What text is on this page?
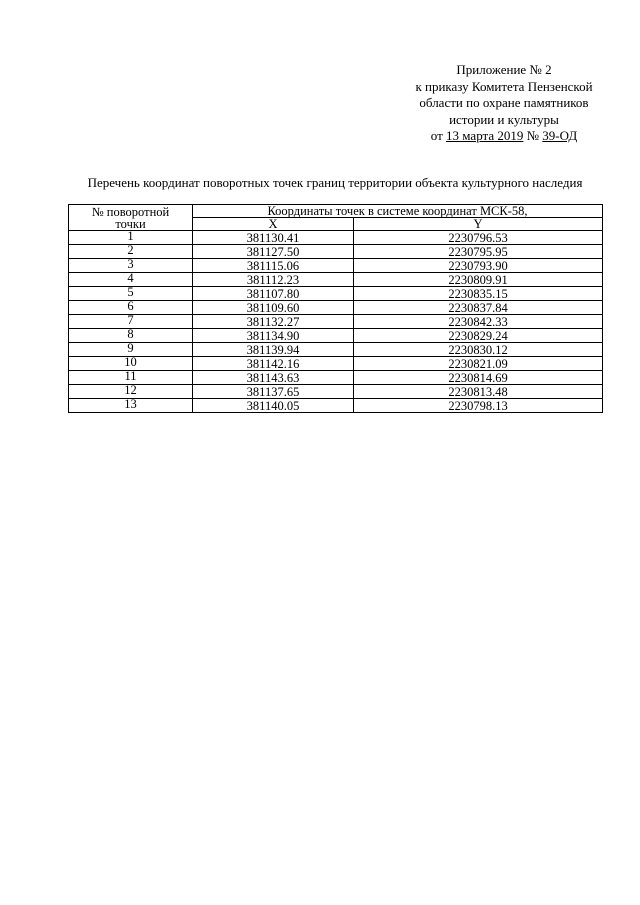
Приложение № 2
к приказу Комитета Пензенской
области по охране памятников
истории и культуры
от 13 марта 2019 № 39-ОД
Перечень координат поворотных точек границ территории объекта культурного наследия
№ поворотной
точки	Координаты точек в системе координат МСК-58,	
	X	Y
1	381130.41	2230796.53
2	381127.50	2230795.95
3	381115.06	2230793.90
4	381112.23	2230809.91
5	381107.80	2230835.15
6	381109.60	2230837.84
7	381132.27	2230842.33
8	381134.90	2230829.24
9	381139.94	2230830.12
10	381142.16	2230821.09
11	381143.63	2230814.69
12	381137.65	2230813.48
13	381140.05	2230798.13
